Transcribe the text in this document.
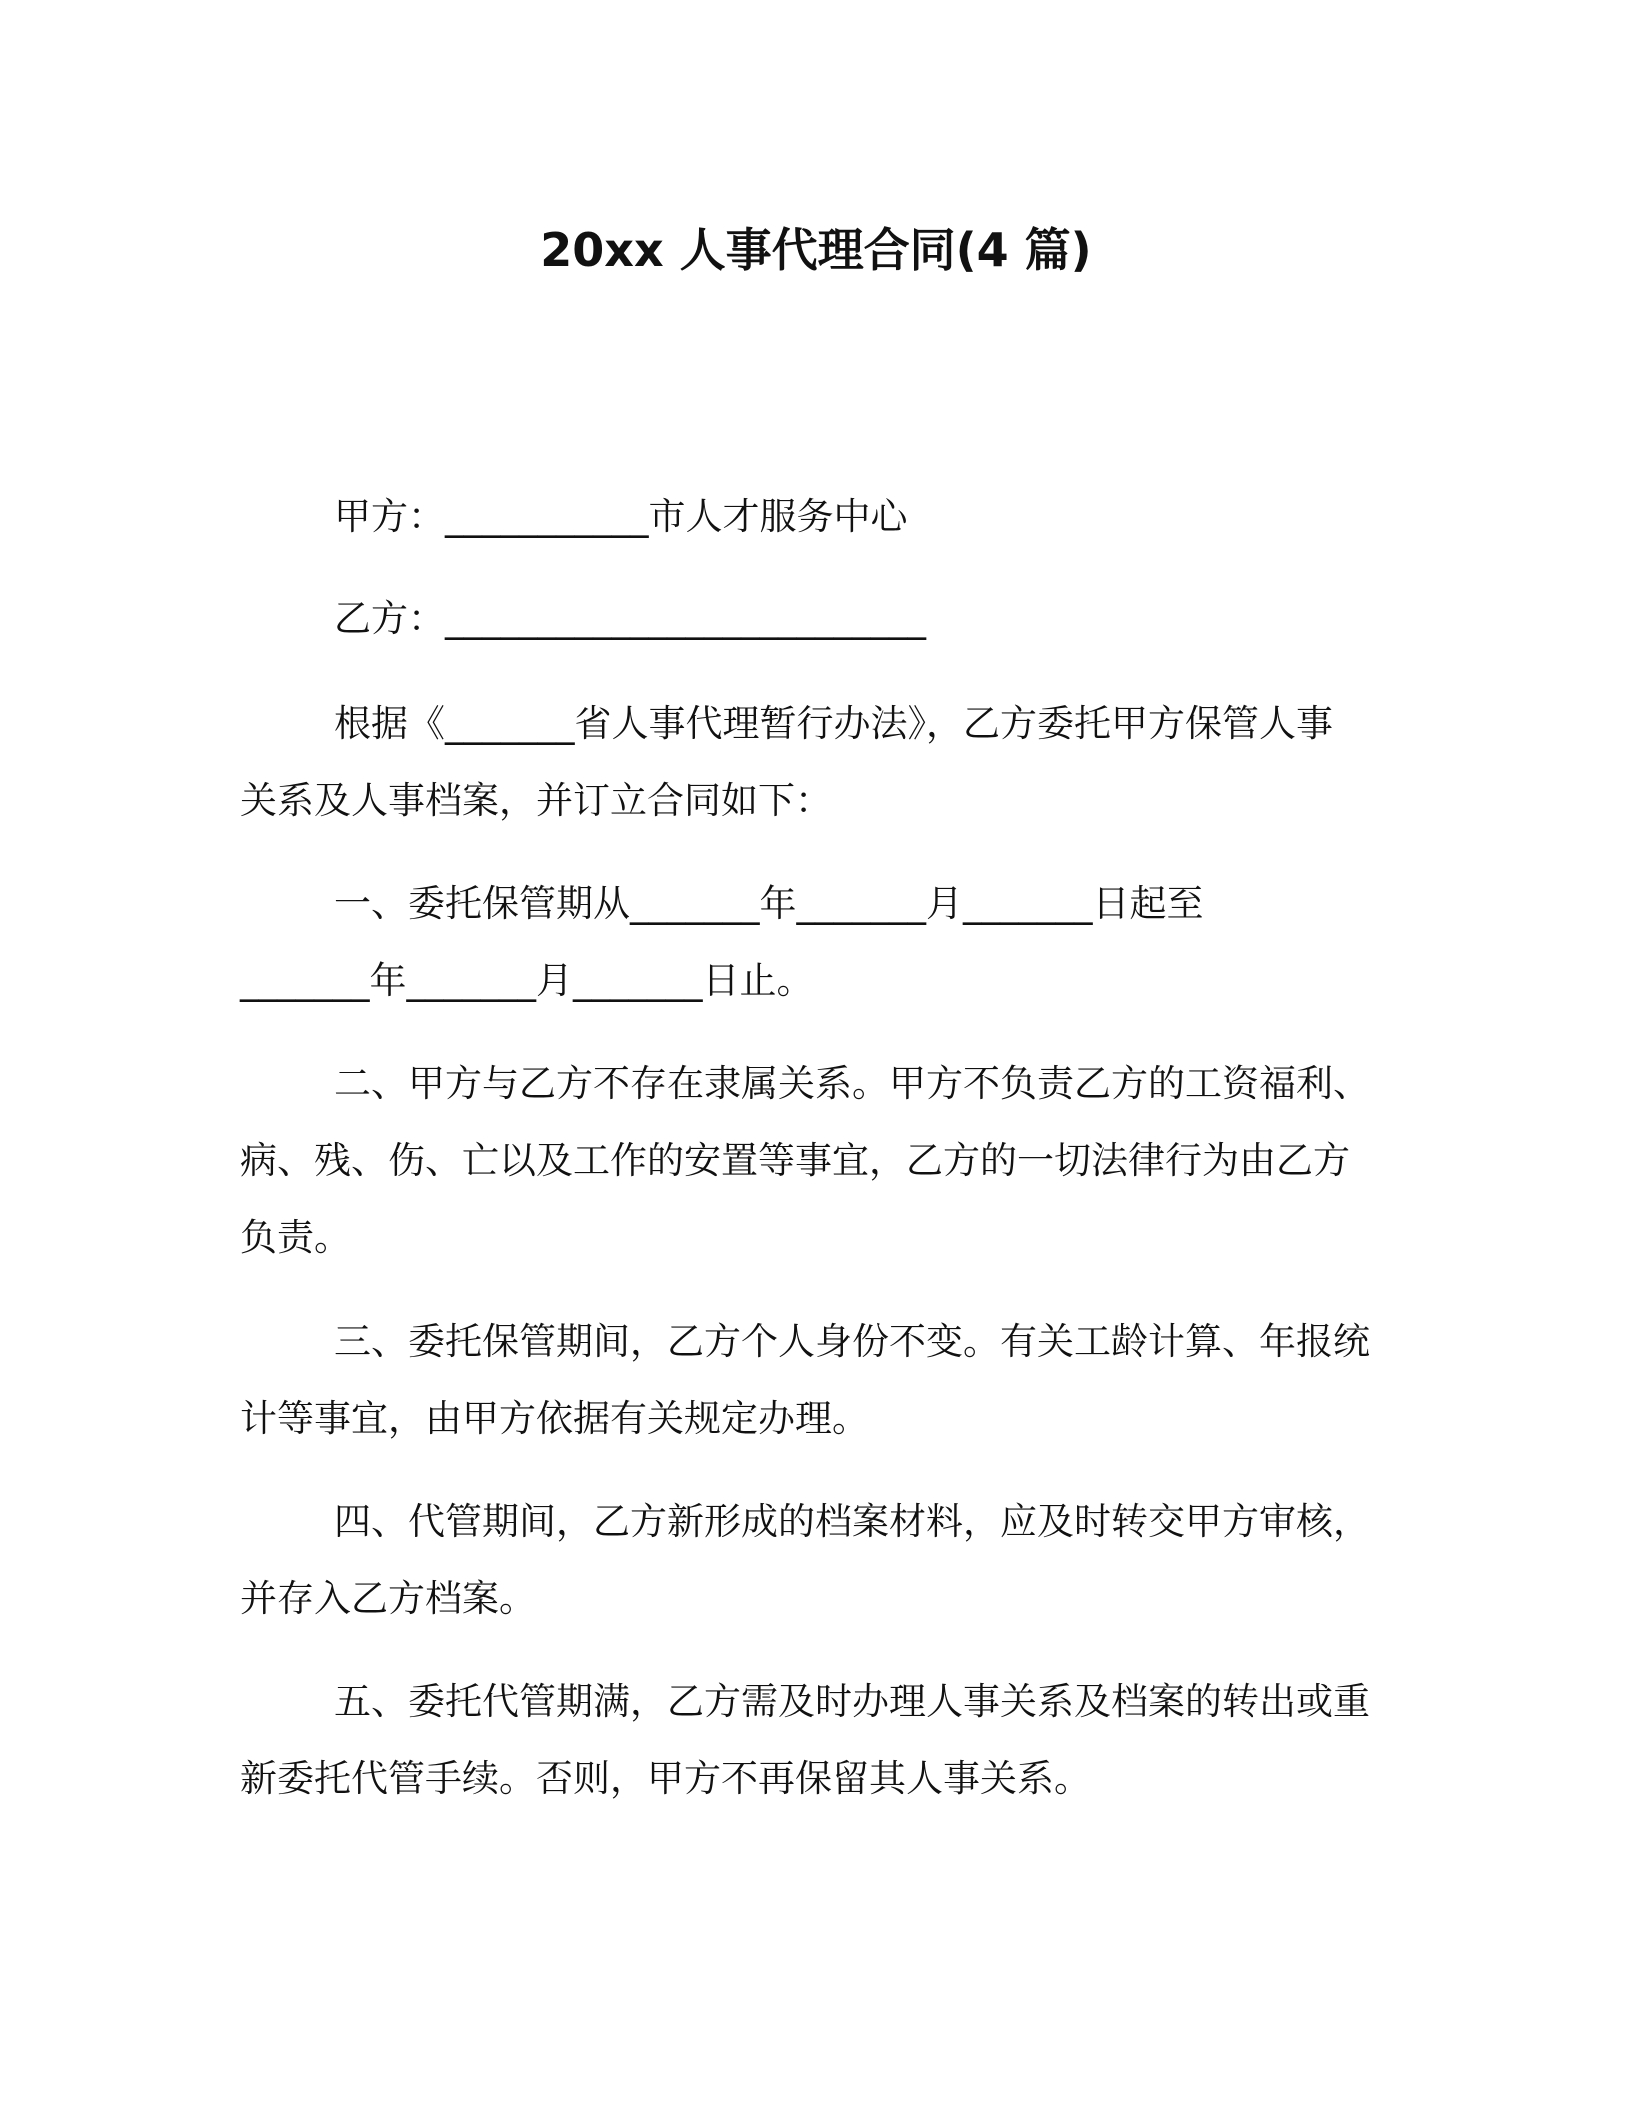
20xx 人事代理合同(4 篇)

甲方：___________市人才服务中心

乙方：__________________________

根据《_______省人事代理暂行办法》，乙方委托甲方保管人事

关系及人事档案，并订立合同如下：

一、委托保管期从_______年_______月_______日起至

_______年_______月_______日止。

二、甲方与乙方不存在隶属关系。甲方不负责乙方的工资福利、

病、残、伤、亡以及工作的安置等事宜，乙方的一切法律行为由乙方

负责。

三、委托保管期间，乙方个人身份不变。有关工龄计算、年报统

计等事宜，由甲方依据有关规定办理。

四、代管期间，乙方新形成的档案材料，应及时转交甲方审核，

并存入乙方档案。

五、委托代管期满，乙方需及时办理人事关系及档案的转出或重

新委托代管手续。否则，甲方不再保留其人事关系。
